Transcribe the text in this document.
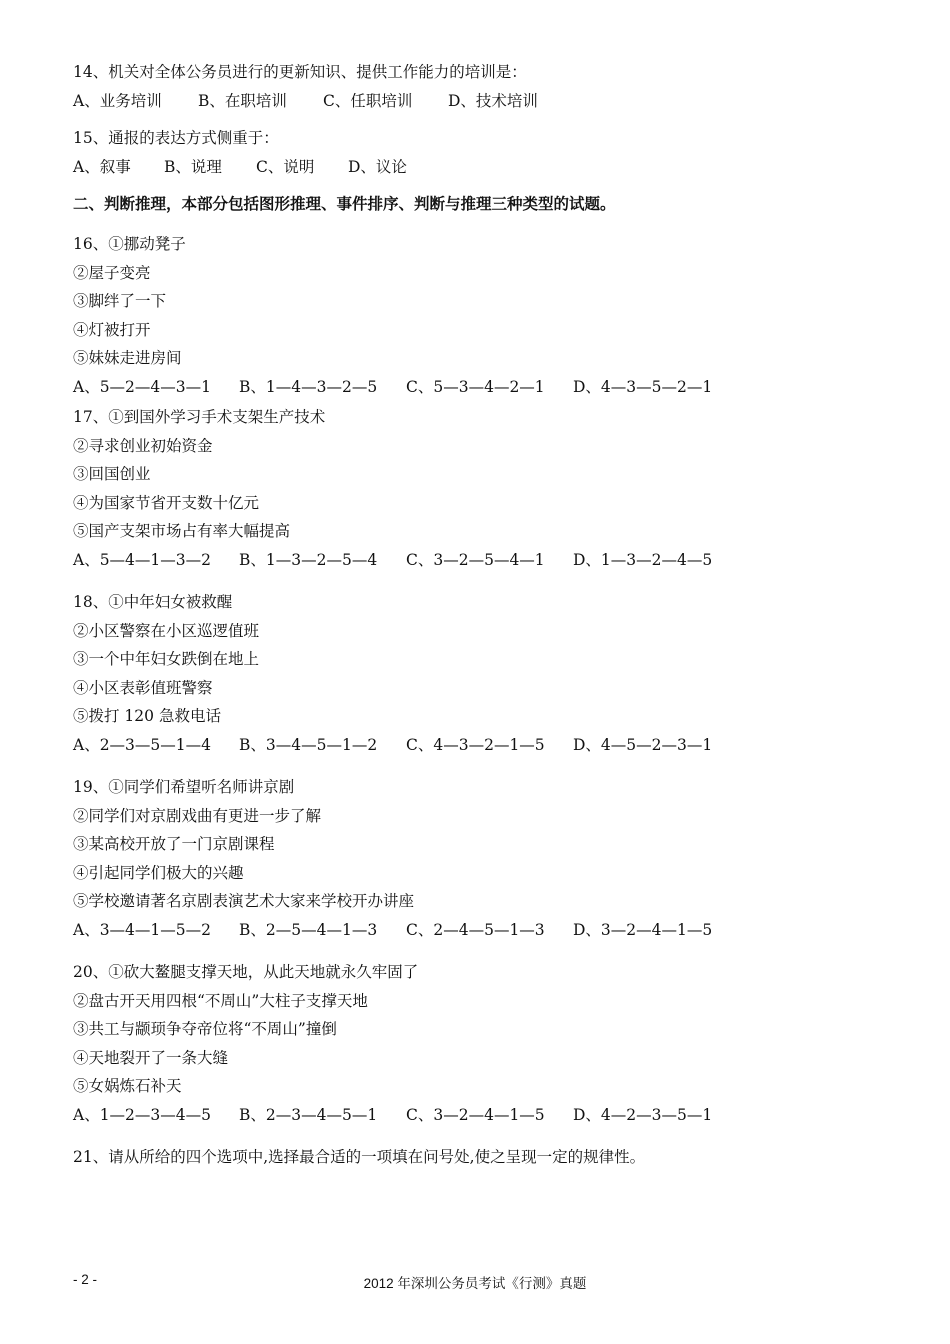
14、机关对全体公务员进行的更新知识、提供工作能力的培训是：
A、业务培训 B、在职培训 C、任职培训 D、技术培训
15、通报的表达方式侧重于：
A、叙事 B、说理 C、说明 D、议论
二、判断推理，本部分包括图形推理、事件排序、判断与推理三种类型的试题。
16、①挪动凳子
②屋子变亮
③脚绊了一下
④灯被打开
⑤妹妹走进房间
A、5—2—4—3—1 B、1—4—3—2—5 C、5—3—4—2—1 D、4—3—5—2—1
17、①到国外学习手术支架生产技术
②寻求创业初始资金
③回国创业
④为国家节省开支数十亿元
⑤国产支架市场占有率大幅提高
A、5—4—1—3—2 B、1—3—2—5—4 C、3—2—5—4—1 D、1—3—2—4—5
18、①中年妇女被救醒
②小区警察在小区巡逻值班
③一个中年妇女跌倒在地上
④小区表彰值班警察
⑤拨打 120 急救电话
A、2—3—5—1—4 B、3—4—5—1—2 C、4—3—2—1—5 D、4—5—2—3—1
19、①同学们希望听名师讲京剧
②同学们对京剧戏曲有更进一步了解
③某高校开放了一门京剧课程
④引起同学们极大的兴趣
⑤学校邀请著名京剧表演艺术大家来学校开办讲座
A、3—4—1—5—2 B、2—5—4—1—3 C、2—4—5—1—3 D、3—2—4—1—5
20、①砍大鳌腿支撑天地，从此天地就永久牢固了
②盘古开天用四根“不周山”大柱子支撑天地
③共工与颛顼争夺帝位将“不周山”撞倒
④天地裂开了一条大缝
⑤女娲炼石补天
A、1—2—3—4—5 B、2—3—4—5—1 C、3—2—4—1—5 D、4—2—3—5—1
21、请从所给的四个选项中,选择最合适的一项填在问号处,使之呈现一定的规律性。
- 2 -	2012 年深圳公务员考试《行测》真题
